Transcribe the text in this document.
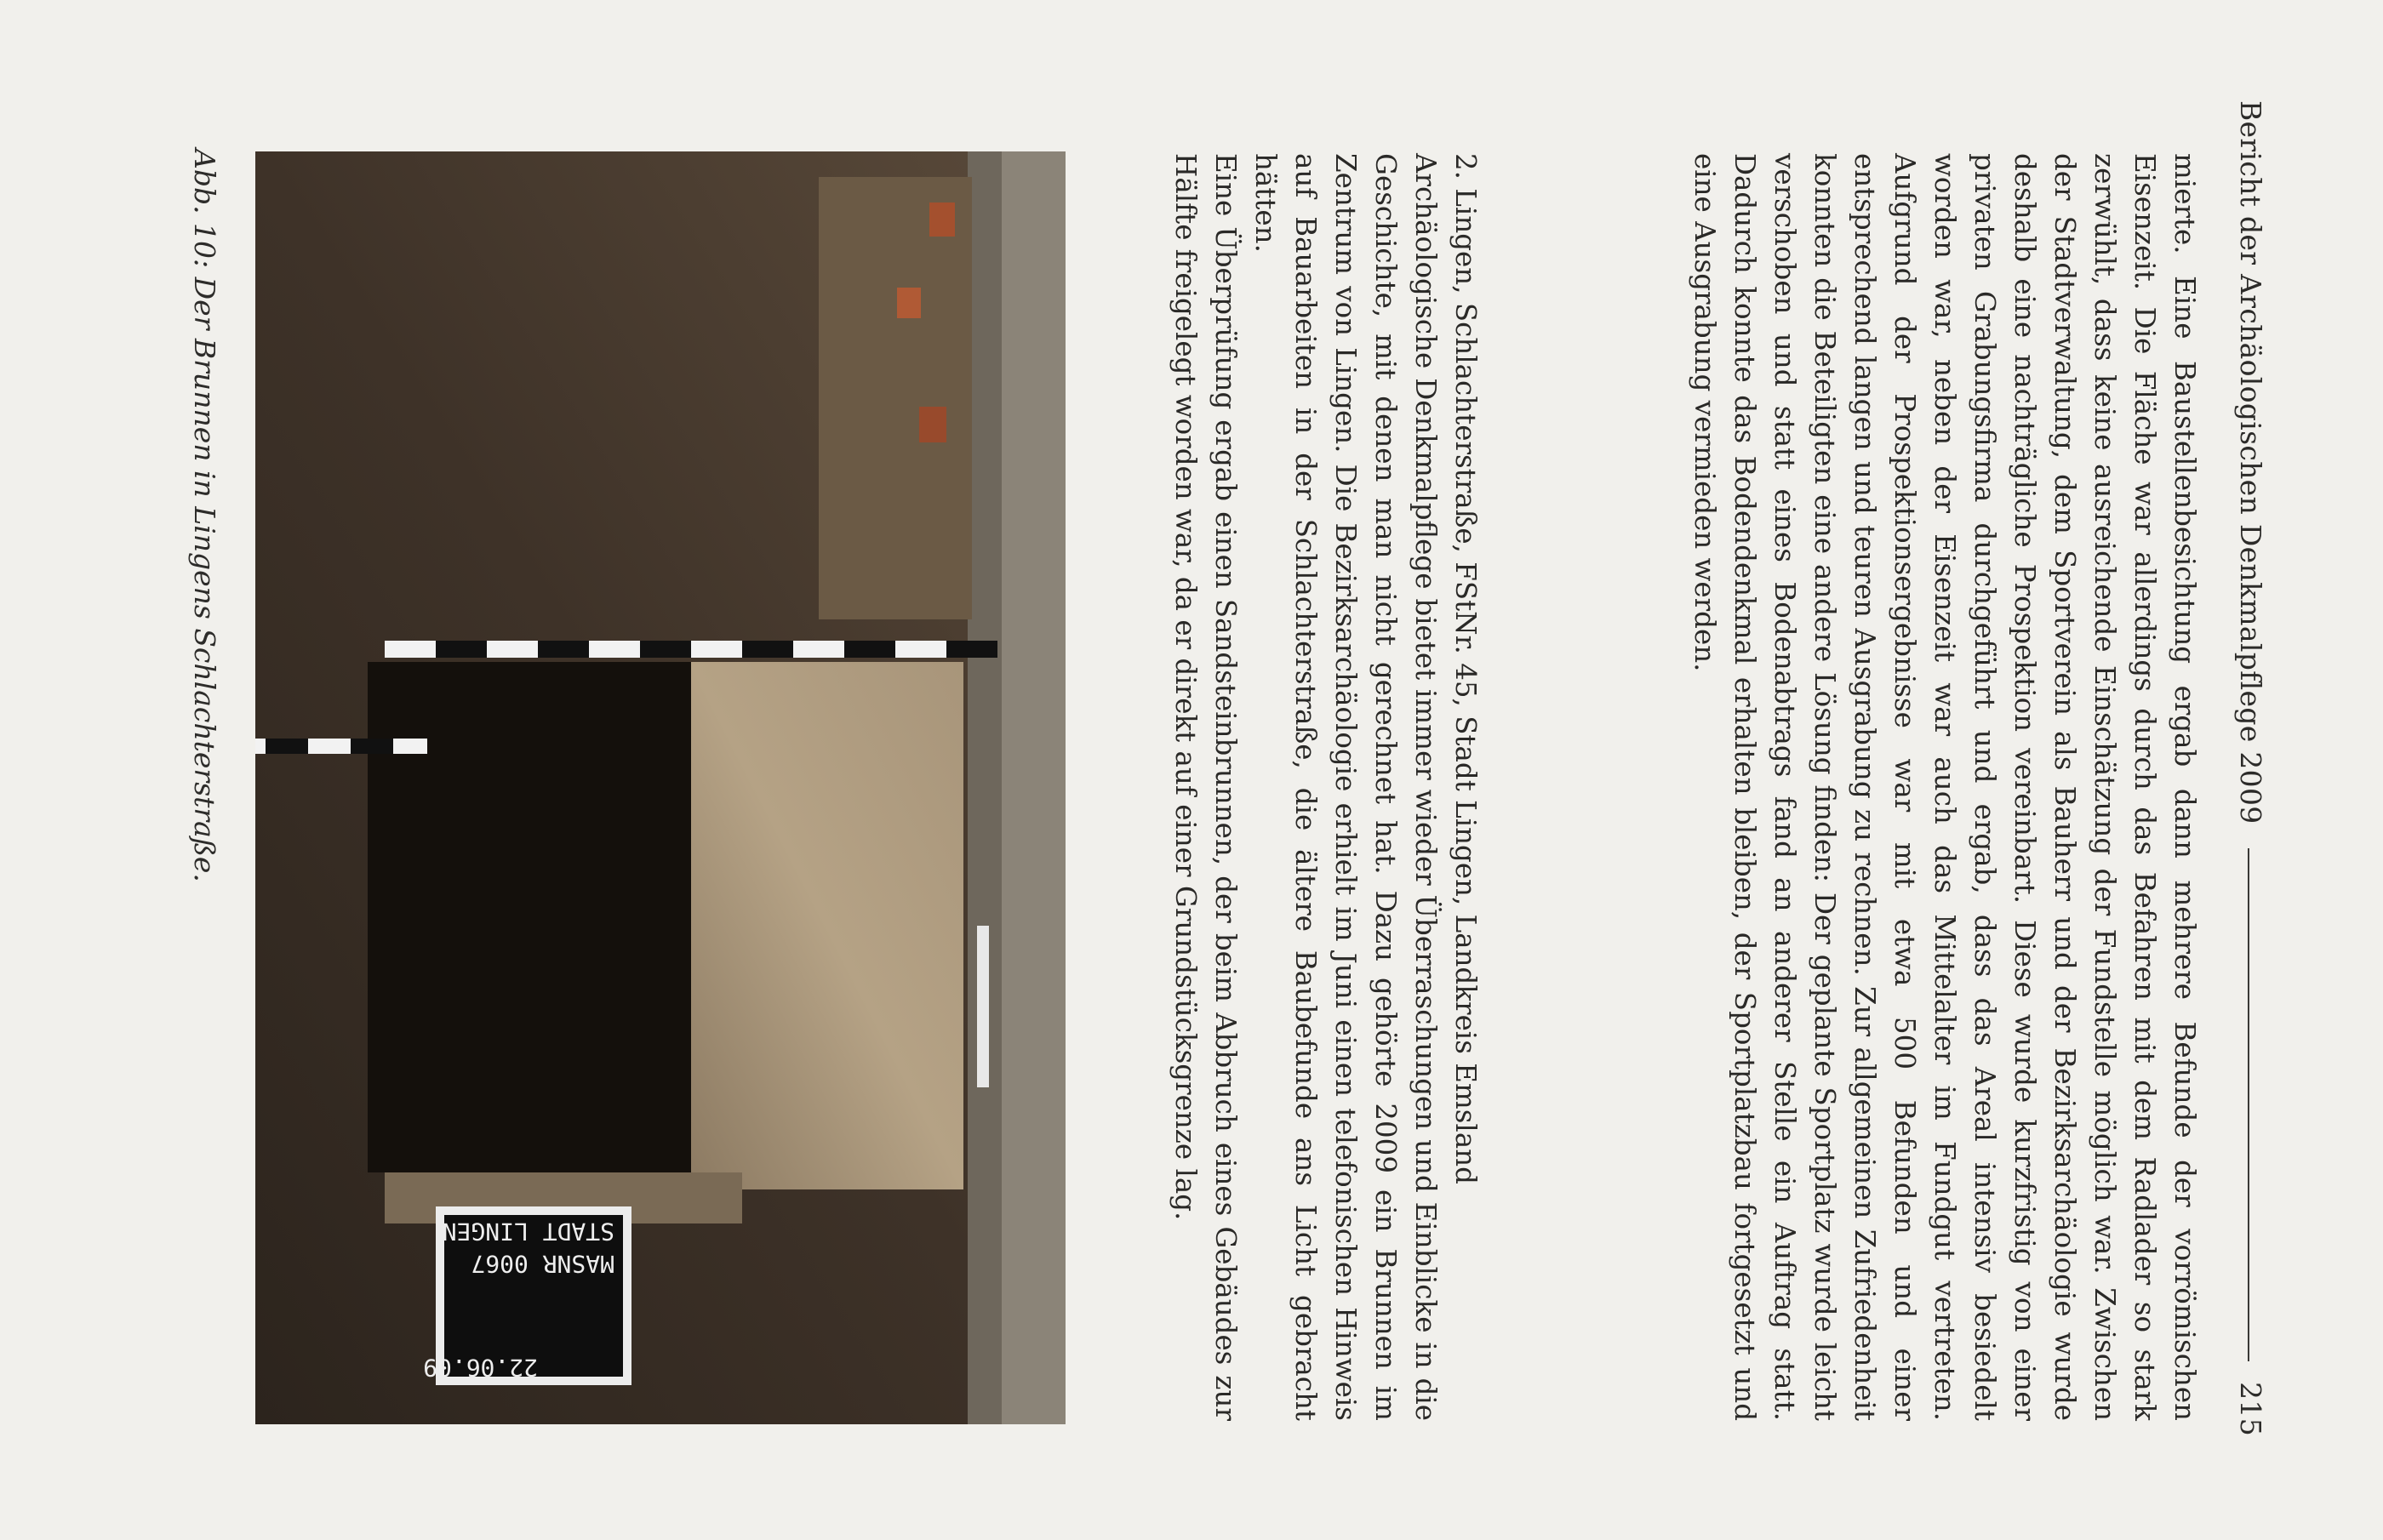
Bericht der Archäologischen Denkmalpflege 2009
215

mierte. Eine Baustellenbesichtung ergab dann mehrere Befunde der vorrömischen Eisenzeit. Die Fläche war allerdings durch das Befahren mit dem Radlader so stark zerwühlt, dass keine ausreichende Einschätzung der Fundstelle möglich war. Zwischen der Stadtverwaltung, dem Sportverein als Bauherr und der Bezirksarchäologie wurde deshalb eine nachträgliche Prospektion vereinbart. Diese wurde kurzfristig von einer privaten Grabungsfirma durchgeführt und ergab, dass das Areal intensiv besiedelt worden war, neben der Eisenzeit war auch das Mittelalter im Fundgut vertreten. Aufgrund der Prospektionsergebnisse war mit etwa 500 Befunden und einer entsprechend langen und teuren Ausgrabung zu rechnen. Zur allgemeinen Zufriedenheit konnten die Beteiligten eine andere Lösung finden: Der geplante Sportplatz wurde leicht verschoben und statt eines Bodenabtrags fand an anderer Stelle ein Auftrag statt. Dadurch konnte das Bodendenkmal erhalten bleiben, der Sportplatzbau fortgesetzt und eine Ausgrabung vermieden werden.

2. Lingen, Schlachterstraße, FStNr. 45, Stadt Lingen, Landkreis Emsland

Archäologische Denkmalpflege bietet immer wieder Überraschungen und Einblicke in die Geschichte, mit denen man nicht gerechnet hat. Dazu gehörte 2009 ein Brunnen im Zentrum von Lingen. Die Bezirksarchäologie erhielt im Juni einen telefonischen Hinweis auf Bauarbeiten in der Schlachterstraße, die ältere Baubefunde ans Licht gebracht hätten.

Eine Überprüfung ergab einen Sandsteinbrunnen, der beim Abbruch eines Gebäudes zur Hälfte freigelegt worden war, da er direkt auf einer Grundstücksgrenze lag.

STADT LINGEN
MASNR 0067
22.06.09
Abb. 10: Der Brunnen in Lingens Schlachterstraße.
